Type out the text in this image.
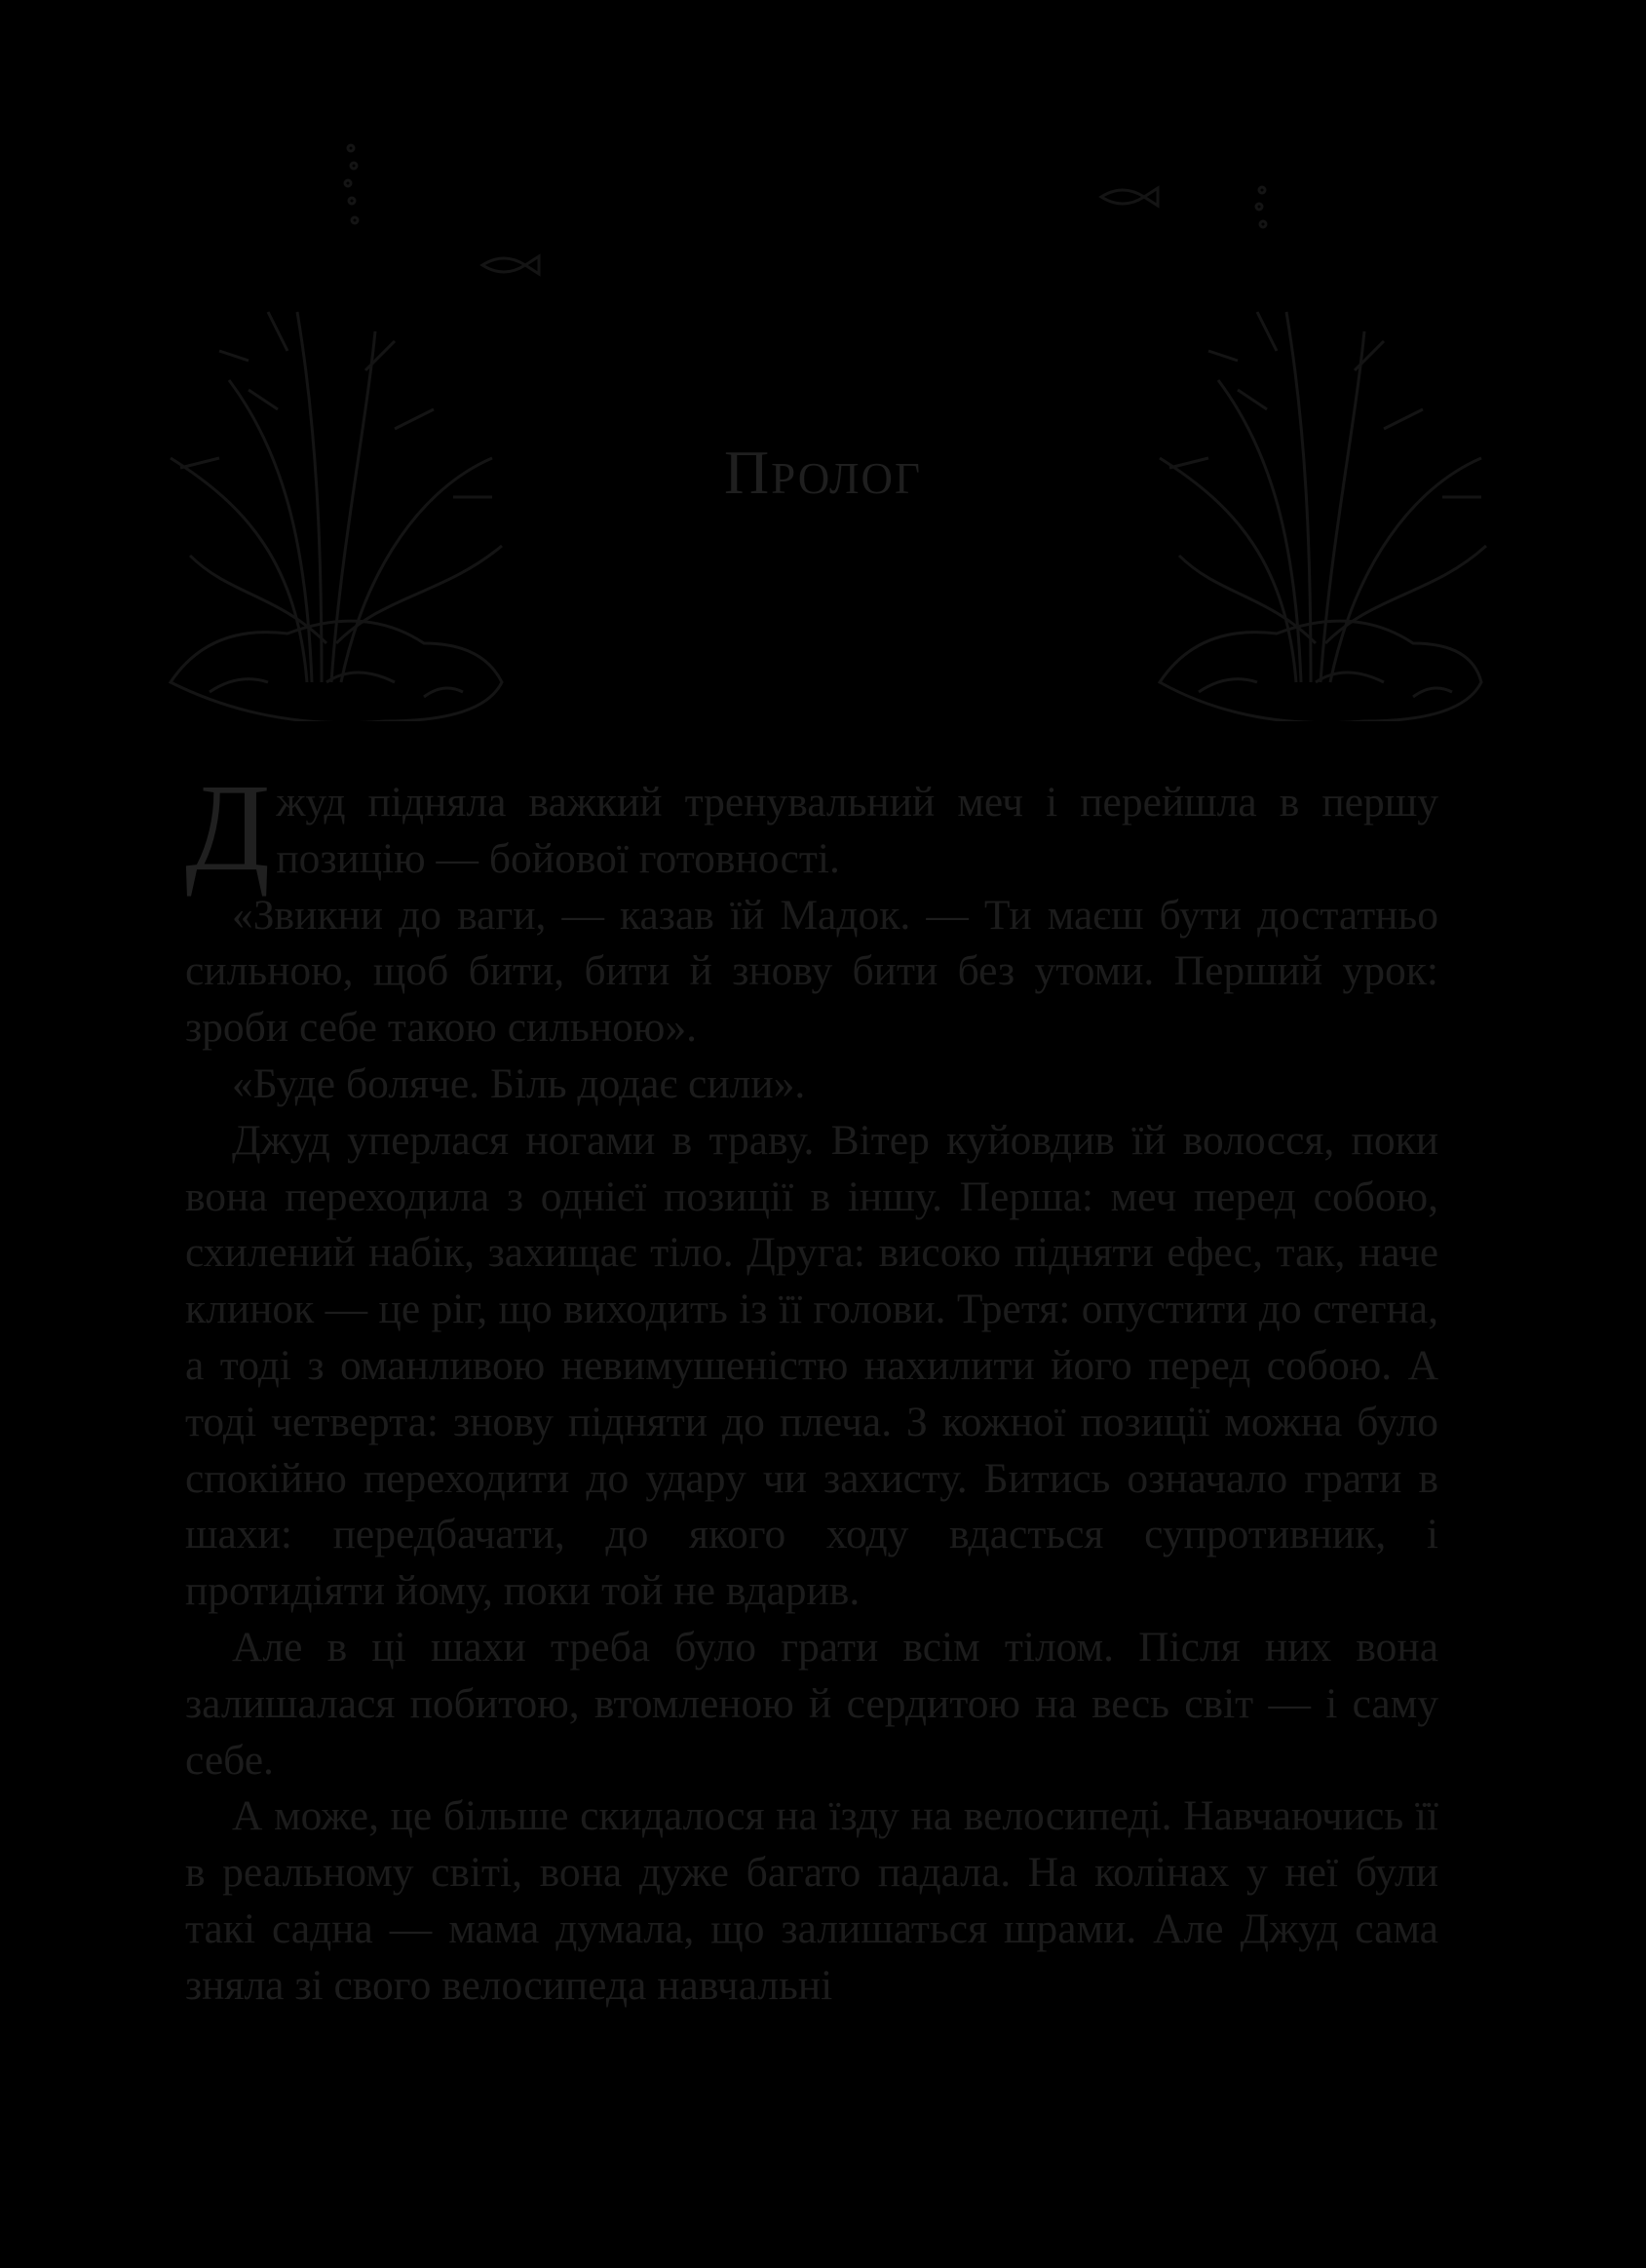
Пролог

Джуд підняла важкий тренувальний меч і перейшла в першу позицію — бойової готовності.

«Звикни до ваги, — казав їй Мадок. — Ти маєш бути достатньо сильною, щоб бити, бити й знову бити без утоми. Перший урок: зроби себе такою сильною».

«Буде боляче. Біль додає сили».

Джуд уперлася ногами в траву. Вітер куйовдив їй волосся, поки вона переходила з однієї позиції в іншу. Перша: меч перед собою, схилений набік, захищає тіло. Друга: високо підняти ефес, так, наче клинок — це ріг, що виходить із її голови. Третя: опустити до стегна, а тоді з оманливою невимушеністю нахилити його перед собою. А тоді четверта: знову підняти до плеча. З кожної позиції можна було спокійно переходити до удару чи захисту. Битись означало грати в шахи: передбачати, до якого ходу вдасться супротивник, і протидіяти йому, поки той не вдарив.

Але в ці шахи треба було грати всім тілом. Після них вона залишалася побитою, втомленою й сердитою на весь світ — і саму себе.

А може, це більше скидалося на їзду на велосипеді. Навчаючись її в реальному світі, вона дуже багато падала. На колінах у неї були такі садна — мама думала, що залишаться шрами. Але Джуд сама зняла зі свого велосипеда навчальні
